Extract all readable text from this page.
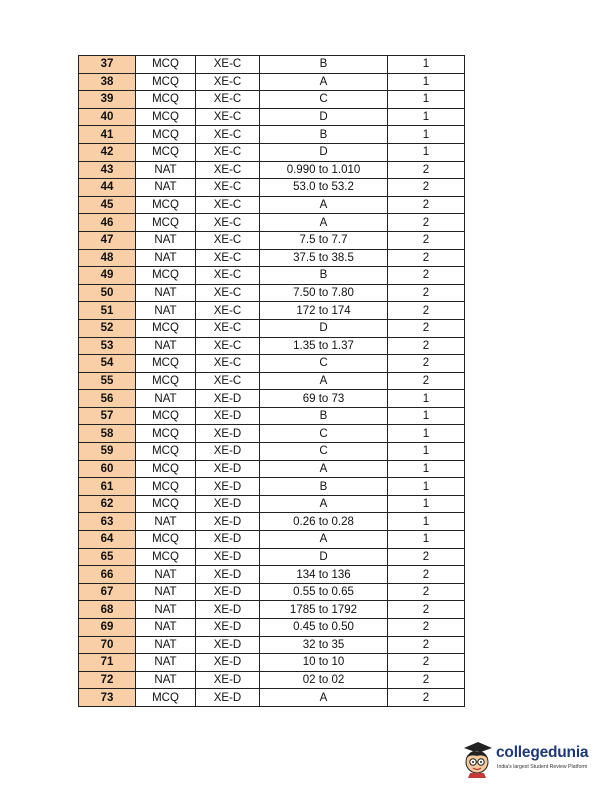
37	MCQ	XE-C	B	1
38	MCQ	XE-C	A	1
39	MCQ	XE-C	C	1
40	MCQ	XE-C	D	1
41	MCQ	XE-C	B	1
42	MCQ	XE-C	D	1
43	NAT	XE-C	0.990 to 1.010	2
44	NAT	XE-C	53.0 to 53.2	2
45	MCQ	XE-C	A	2
46	MCQ	XE-C	A	2
47	NAT	XE-C	7.5 to 7.7	2
48	NAT	XE-C	37.5 to 38.5	2
49	MCQ	XE-C	B	2
50	NAT	XE-C	7.50 to 7.80	2
51	NAT	XE-C	172 to 174	2
52	MCQ	XE-C	D	2
53	NAT	XE-C	1.35 to 1.37	2
54	MCQ	XE-C	C	2
55	MCQ	XE-C	A	2
56	NAT	XE-D	69 to 73	1
57	MCQ	XE-D	B	1
58	MCQ	XE-D	C	1
59	MCQ	XE-D	C	1
60	MCQ	XE-D	A	1
61	MCQ	XE-D	B	1
62	MCQ	XE-D	A	1
63	NAT	XE-D	0.26 to 0.28	1
64	MCQ	XE-D	A	1
65	MCQ	XE-D	D	2
66	NAT	XE-D	134 to 136	2
67	NAT	XE-D	0.55 to 0.65	2
68	NAT	XE-D	1785 to 1792	2
69	NAT	XE-D	0.45 to 0.50	2
70	NAT	XE-D	32 to 35	2
71	NAT	XE-D	10 to 10	2
72	NAT	XE-D	02 to 02	2
73	MCQ	XE-D	A	2
collegedunia
India's largest Student Review Platform
